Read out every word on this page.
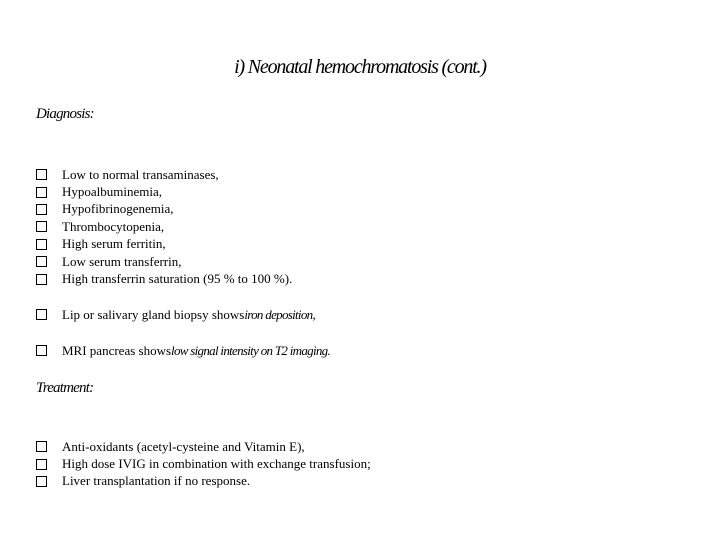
i) Neonatal hemochromatosis (cont.)
Diagnosis:
Low to normal transaminases,
Hypoalbuminemia,
Hypofibrinogenemia,
Thrombocytopenia,
High serum ferritin,
Low serum transferrin,
High transferrin saturation (95 % to 100 %).
Lip or salivary gland biopsy shows iron deposition,
MRI pancreas shows low signal intensity on T2 imaging.
Treatment:
Anti-oxidants (acetyl-cysteine and Vitamin E),
High dose IVIG in combination with exchange transfusion;
Liver transplantation if no response.
